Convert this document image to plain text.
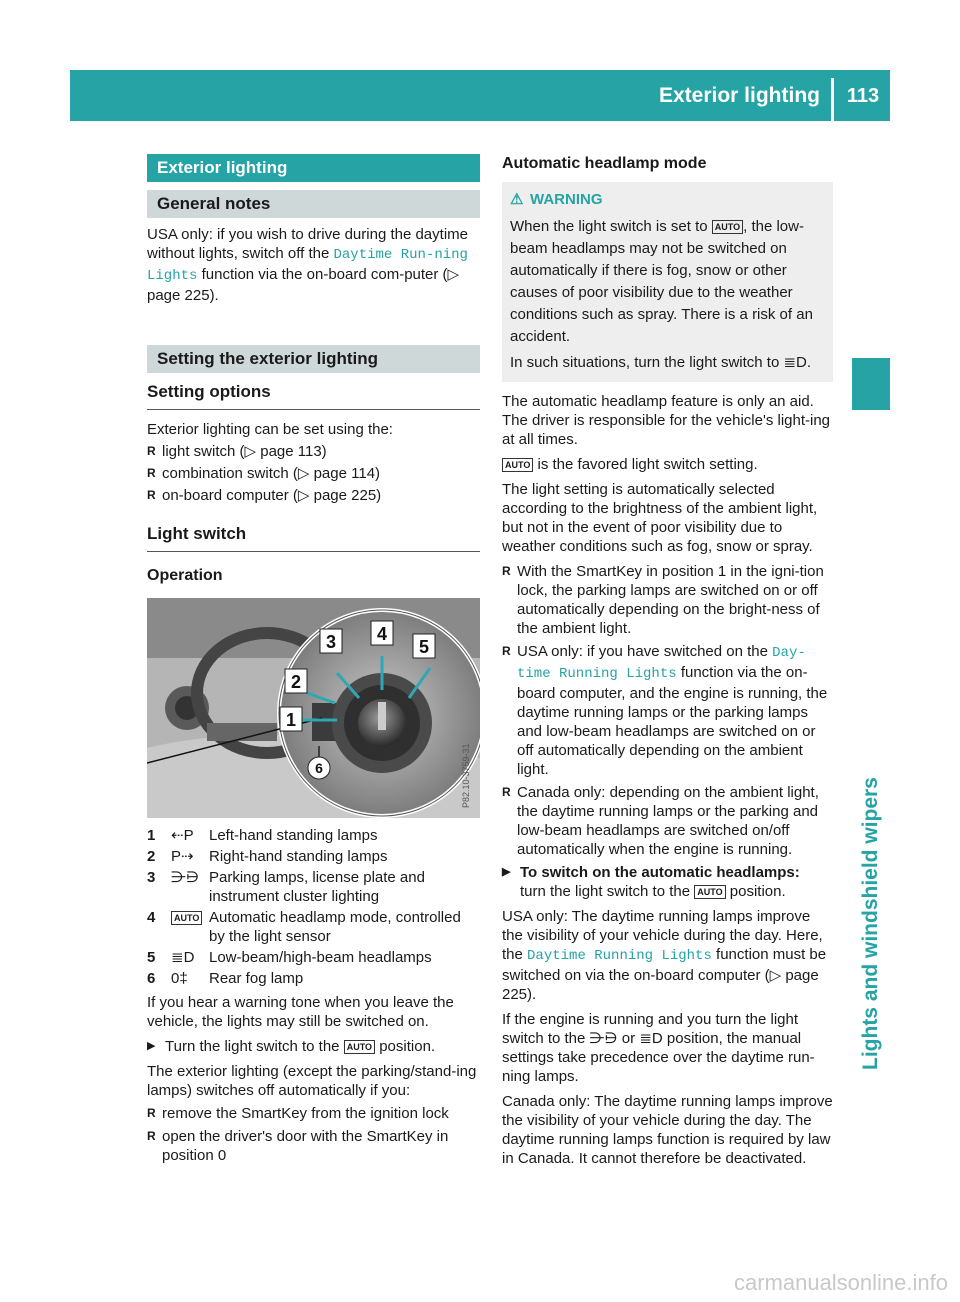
Exterior lighting	113
Lights and windshield wipers
Exterior lighting
General notes

USA only: if you wish to drive during the daytime without lights, switch off the Daytime Run‐ning Lights function via the on-board com-puter (▷ page 225).

Setting the exterior lighting
Setting options

Exterior lighting can be set using the:

R light switch (▷ page 113)

R combination switch (▷ page 114)

R on-board computer (▷ page 225)

Light switch
Operation
3 4
5
2
1
6	P82.10-3759-31
1 ⇠P Left-hand standing lamps
2 P⇢ Right-hand standing lamps
3 ⋺⋻ Parking lamps, license plate and instrument cluster lighting
4	AUTO Automatic headlamp mode, controlled by the light sensor
5 ≣D Low-beam/high-beam headlamps
6 0‡ Rear fog lamp

If you hear a warning tone when you leave the vehicle, the lights may still be switched on.

▶ Turn the light switch to the AUTO position.

The exterior lighting (except the parking/stand-ing lamps) switches off automatically if you:

R remove the SmartKey from the ignition lock

R open the driver's door with the SmartKey in position 0

Automatic headlamp mode
⚠ WARNING

When the light switch is set to AUTO , the low-beam headlamps may not be switched on automatically if there is fog, snow or other causes of poor visibility due to the weather conditions such as spray. There is a risk of an accident.

In such situations, turn the light switch to ≣D.

The automatic headlamp feature is only an aid. The driver is responsible for the vehicle's light-ing at all times.

AUTO is the favored light switch setting.

The light setting is automatically selected according to the brightness of the ambient light, but not in the event of poor visibility due to weather conditions such as fog, snow or spray.

R With the SmartKey in position 1 in the igni-tion lock, the parking lamps are switched on or off automatically depending on the bright-ness of the ambient light.

R USA only: if you have switched on the Day‐time Running Lights function via the on-board computer, and the engine is running, the daytime running lamps or the parking lamps and low-beam headlamps are switched on or off automatically depending on the ambient light.

R Canada only: depending on the ambient light, the daytime running lamps or the parking and low-beam headlamps are switched on/off automatically when the engine is running.

▶ To switch on the automatic headlamps:

turn the light switch to the AUTO position.

USA only: The daytime running lamps improve the visibility of your vehicle during the day. Here, the Daytime Running Lights function must be switched on via the on-board computer (▷ page 225).

If the engine is running and you turn the light switch to the ⋺⋻ or ≣D position, the manual settings take precedence over the daytime run-ning lamps.

Canada only: The daytime running lamps improve the visibility of your vehicle during the day. The daytime running lamps function is required by law in Canada. It cannot therefore be deactivated.

carmanualsonline.info
